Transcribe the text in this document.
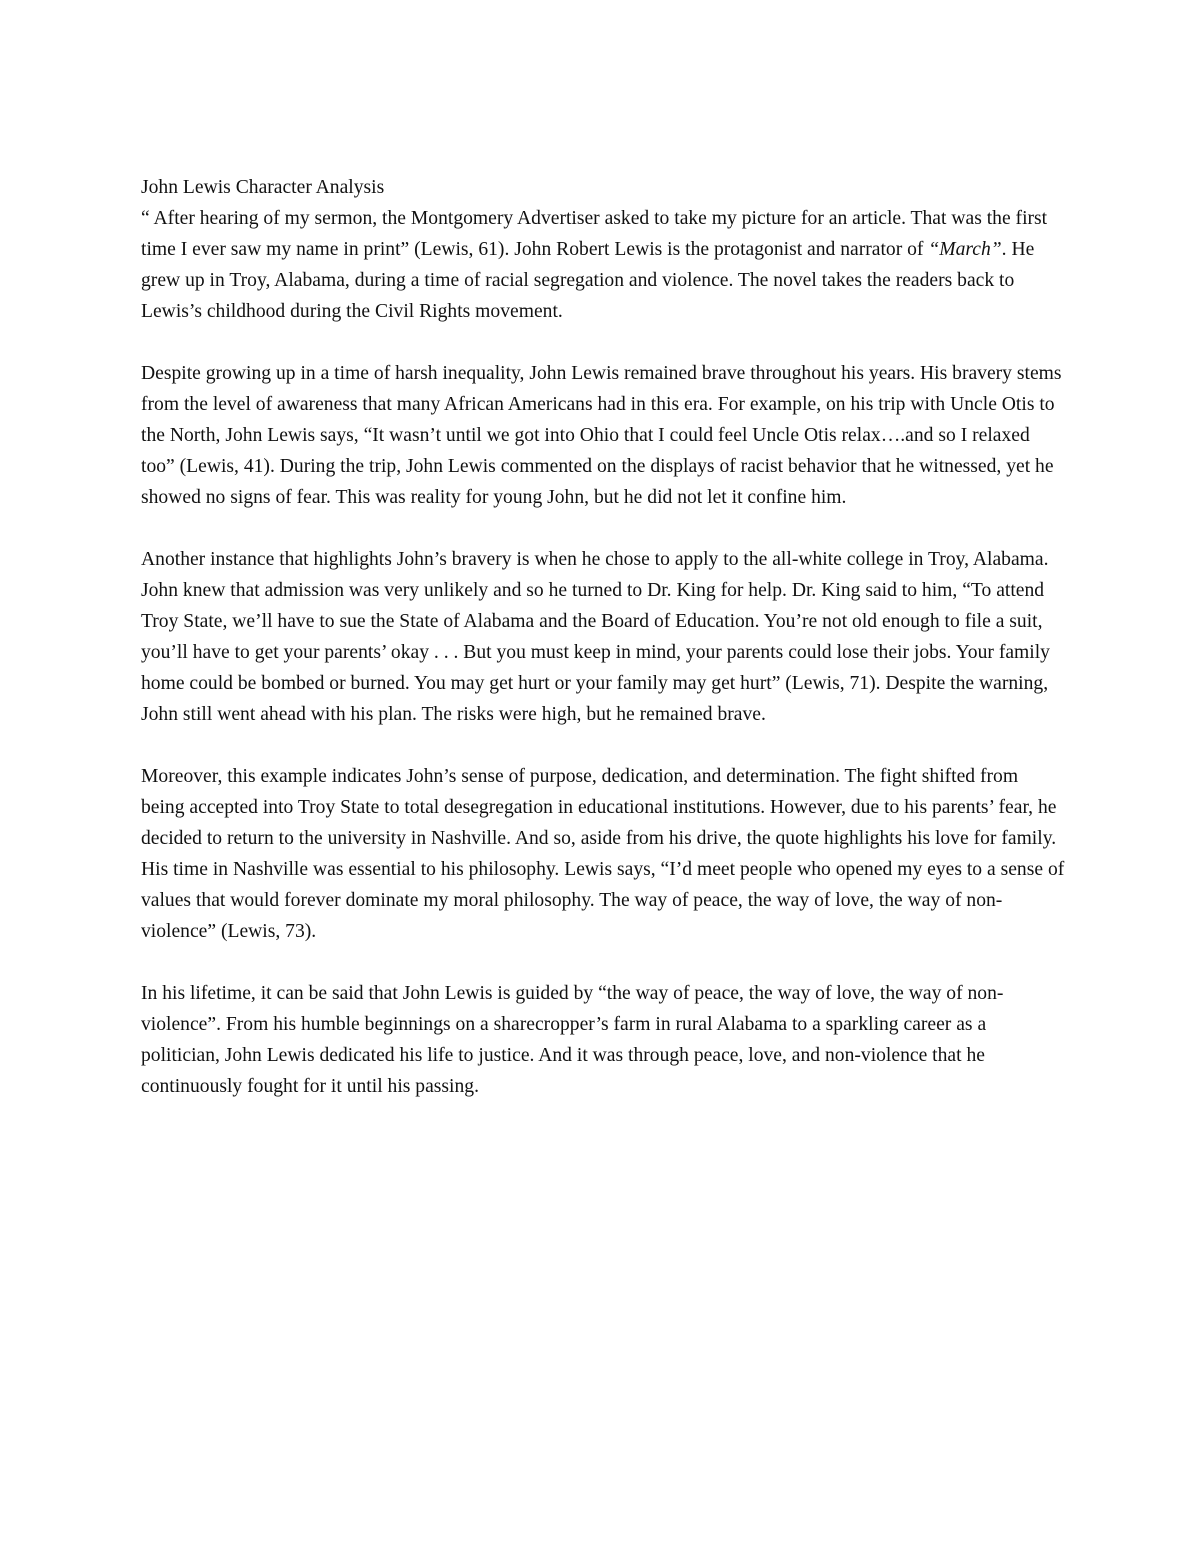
John Lewis Character Analysis

“ After hearing of my sermon, the Montgomery Advertiser asked to take my picture for an article. That was the first time I ever saw my name in print” (Lewis, 61). John Robert Lewis is the protagonist and narrator of “March”. He grew up in Troy, Alabama, during a time of racial segregation and violence. The novel takes the readers back to Lewis’s childhood during the Civil Rights movement.

Despite growing up in a time of harsh inequality, John Lewis remained brave throughout his years. His bravery stems from the level of awareness that many African Americans had in this era. For example, on his trip with Uncle Otis to the North, John Lewis says, “It wasn’t until we got into Ohio that I could feel Uncle Otis relax….and so I relaxed too” (Lewis, 41). During the trip, John Lewis commented on the displays of racist behavior that he witnessed, yet he showed no signs of fear. This was reality for young John, but he did not let it confine him.

Another instance that highlights John’s bravery is when he chose to apply to the all-white college in Troy, Alabama. John knew that admission was very unlikely and so he turned to Dr. King for help. Dr. King said to him, “To attend Troy State, we’ll have to sue the State of Alabama and the Board of Education. You’re not old enough to file a suit, you’ll have to get your parents’ okay . . . But you must keep in mind, your parents could lose their jobs. Your family home could be bombed or burned. You may get hurt or your family may get hurt” (Lewis, 71). Despite the warning, John still went ahead with his plan. The risks were high, but he remained brave.

Moreover, this example indicates John’s sense of purpose, dedication, and determination. The fight shifted from being accepted into Troy State to total desegregation in educational institutions. However, due to his parents’ fear, he decided to return to the university in Nashville. And so, aside from his drive, the quote highlights his love for family. His time in Nashville was essential to his philosophy. Lewis says, “I’d meet people who opened my eyes to a sense of values that would forever dominate my moral philosophy. The way of peace, the way of love, the way of non-violence” (Lewis, 73).

In his lifetime, it can be said that John Lewis is guided by “the way of peace, the way of love, the way of non-violence”. From his humble beginnings on a sharecropper’s farm in rural Alabama to a sparkling career as a politician, John Lewis dedicated his life to justice. And it was through peace, love, and non-violence that he continuously fought for it until his passing.
